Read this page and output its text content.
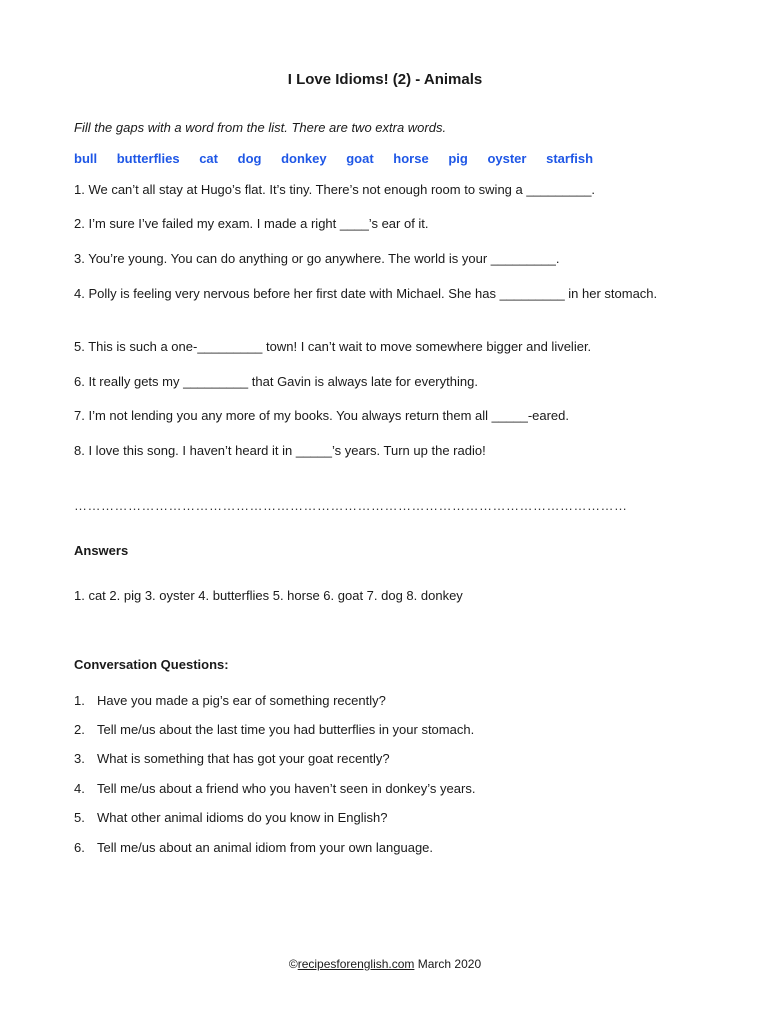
I Love Idioms! (2) - Animals
Fill the gaps with a word from the list. There are two extra words.
bull butterflies cat dog donkey goat horse pig oyster starfish
1. We can’t all stay at Hugo’s flat. It’s tiny. There’s not enough room to swing a _________.
2. I’m sure I’ve failed my exam. I made a right ____’s ear of it.
3. You’re young. You can do anything or go anywhere. The world is your _________.
4. Polly is feeling very nervous before her first date with Michael. She has _________ in her stomach.
5. This is such a one-_________ town! I can’t wait to move somewhere bigger and livelier.
6. It really gets my _________ that Gavin is always late for everything.
7. I’m not lending you any more of my books. You always return them all _____-eared.
8. I love this song. I haven’t heard it in _____’s years. Turn up the radio!
……………………………………………………………………………………………………………
Answers
1. cat 2. pig 3. oyster 4. butterflies 5. horse 6. goat 7. dog 8. donkey
Conversation Questions:
1. Have you made a pig’s ear of something recently?
2. Tell me/us about the last time you had butterflies in your stomach.
3. What is something that has got your goat recently?
4. Tell me/us about a friend who you haven’t seen in donkey’s years.
5. What other animal idioms do you know in English?
6. Tell me/us about an animal idiom from your own language.
©recipesforenglish.com March 2020
